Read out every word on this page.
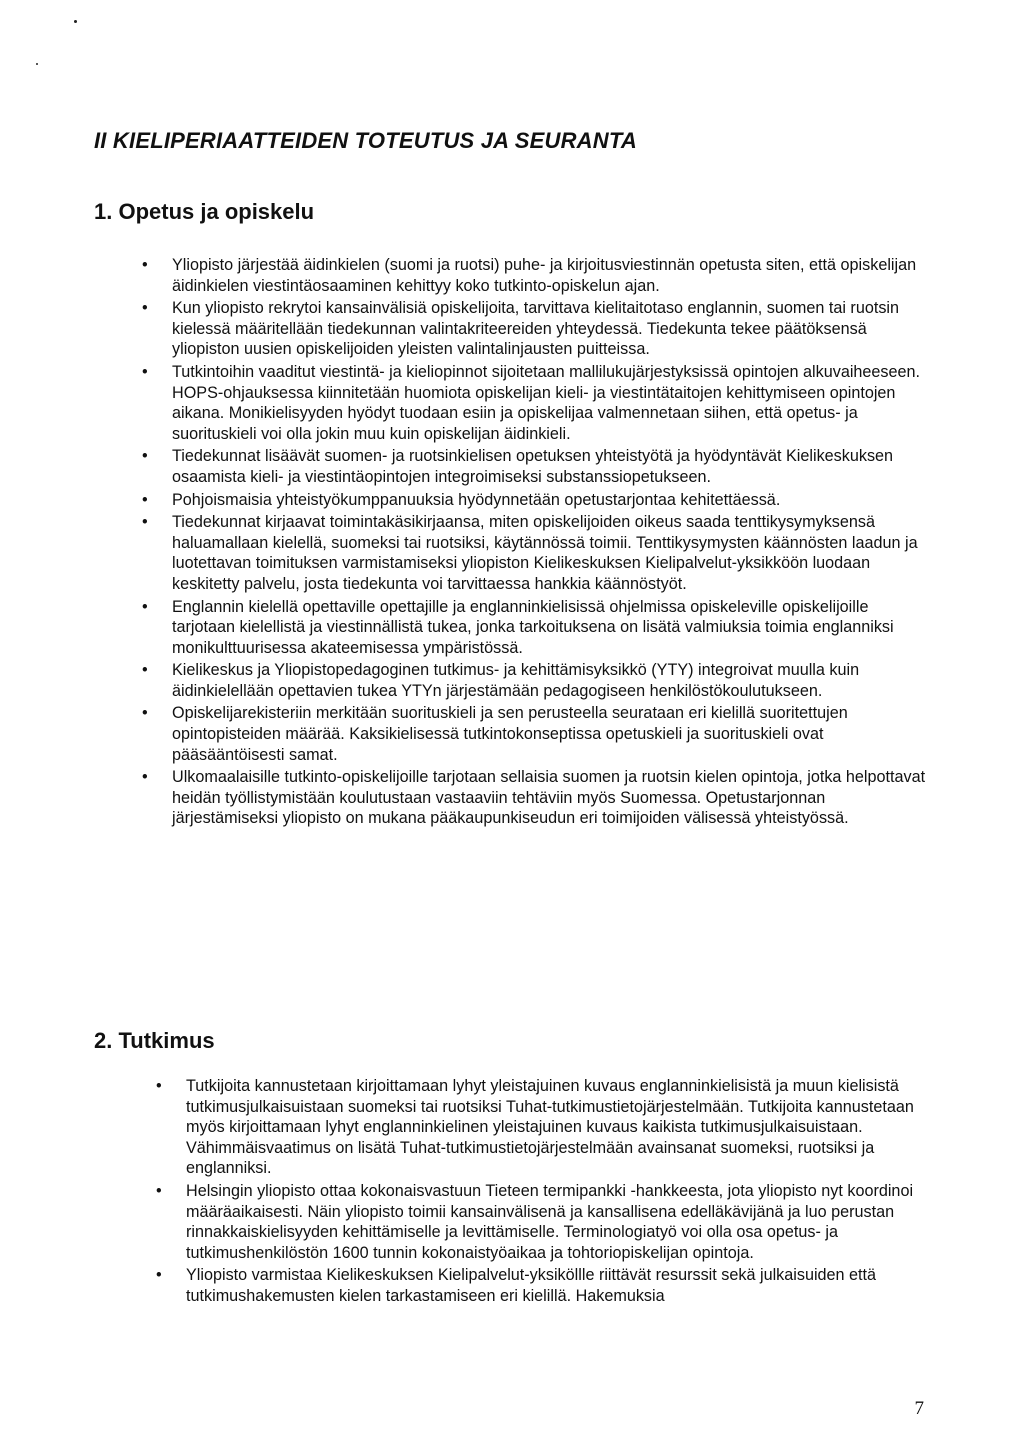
II KIELIPERIAATTEIDEN TOTEUTUS JA SEURANTA
1. Opetus ja opiskelu
• Yliopisto järjestää äidinkielen (suomi ja ruotsi) puhe- ja kirjoitusviestinnän opetusta siten, että opiskelijan äidinkielen viestintäosaaminen kehittyy koko tutkinto-opiskelun ajan.
• Kun yliopisto rekrytoi kansainvälisiä opiskelijoita, tarvittava kielitaitotaso englannin, suomen tai ruotsin kielessä määritellään tiedekunnan valintakriteereiden yhteydessä. Tiedekunta tekee päätöksensä yliopiston uusien opiskelijoiden yleisten valintalinjausten puitteissa.
• Tutkintoihin vaaditut viestintä- ja kieliopinnot sijoitetaan mallilukujärjestyksissä opintojen alkuvaiheeseen. HOPS-ohjauksessa kiinnitetään huomiota opiskelijan kieli- ja viestintätaitojen kehittymiseen opintojen aikana. Monikielisyyden hyödyt tuodaan esiin ja opiskelijaa valmennetaan siihen, että opetus- ja suorituskieli voi olla jokin muu kuin opiskelijan äidinkieli.
• Tiedekunnat lisäävät suomen- ja ruotsinkielisen opetuksen yhteistyötä ja hyödyntävät Kielikeskuksen osaamista kieli- ja viestintäopintojen integroimiseksi substanssiopetukseen.
• Pohjoismaisia yhteistyökumppanuuksia hyödynnetään opetustarjontaa kehitettäessä.
• Tiedekunnat kirjaavat toimintakäsikirjaansa, miten opiskelijoiden oikeus saada tenttikysymyksensä haluamallaan kielellä, suomeksi tai ruotsiksi, käytännössä toimii. Tenttikysymysten käännösten laadun ja luotettavan toimituksen varmistamiseksi yliopiston Kielikeskuksen Kielipalvelut-yksikköön luodaan keskitetty palvelu, josta tiedekunta voi tarvittaessa hankkia käännöstyöt.
• Englannin kielellä opettaville opettajille ja englanninkielisissä ohjelmissa opiskeleville opiskelijoille tarjotaan kielellistä ja viestinnällistä tukea, jonka tarkoituksena on lisätä valmiuksia toimia englanniksi monikulttuurisessa akateemisessa ympäristössä.
• Kielikeskus ja Yliopistopedagoginen tutkimus- ja kehittämisyksikkö (YTY) integroivat muulla kuin äidinkielellään opettavien tukea YTYn järjestämään pedagogiseen henkilöstökoulutukseen.
• Opiskelijarekisteriin merkitään suorituskieli ja sen perusteella seurataan eri kielillä suoritettujen opintopisteiden määrää. Kaksikielisessä tutkintokonseptissa opetuskieli ja suorituskieli ovat pääsääntöisesti samat.
• Ulkomaalaisille tutkinto-opiskelijoille tarjotaan sellaisia suomen ja ruotsin kielen opintoja, jotka helpottavat heidän työllistymistään koulutustaan vastaaviin tehtäviin myös Suomessa. Opetustarjonnan järjestämiseksi yliopisto on mukana pääkaupunkiseudun eri toimijoiden välisessä yhteistyössä.
2. Tutkimus
• Tutkijoita kannustetaan kirjoittamaan lyhyt yleistajuinen kuvaus englanninkielisistä ja muun kielisistä tutkimusjulkaisuistaan suomeksi tai ruotsiksi Tuhat-tutkimustietojärjestelmään. Tutkijoita kannustetaan myös kirjoittamaan lyhyt englanninkielinen yleistajuinen kuvaus kaikista tutkimusjulkaisuistaan. Vähimmäisvaatimus on lisätä Tuhat-tutkimustietojärjestelmään avainsanat suomeksi, ruotsiksi ja englanniksi.
• Helsingin yliopisto ottaa kokonaisvastuun Tieteen termipankki -hankkeesta, jota yliopisto nyt koordinoi määräaikaisesti. Näin yliopisto toimii kansainvälisenä ja kansallisena edelläkävijänä ja luo perustan rinnakkaiskielisyyden kehittämiselle ja levittämiselle. Terminologiatyö voi olla osa opetus- ja tutkimushenkilöstön 1600 tunnin kokonaistyöaikaa ja tohtoriopiskelijan opintoja.
• Yliopisto varmistaa Kielikeskuksen Kielipalvelut-yksiköllle riittävät resurssit sekä julkaisuiden että tutkimushakemusten kielen tarkastamiseen eri kielillä. Hakemuksia
7
